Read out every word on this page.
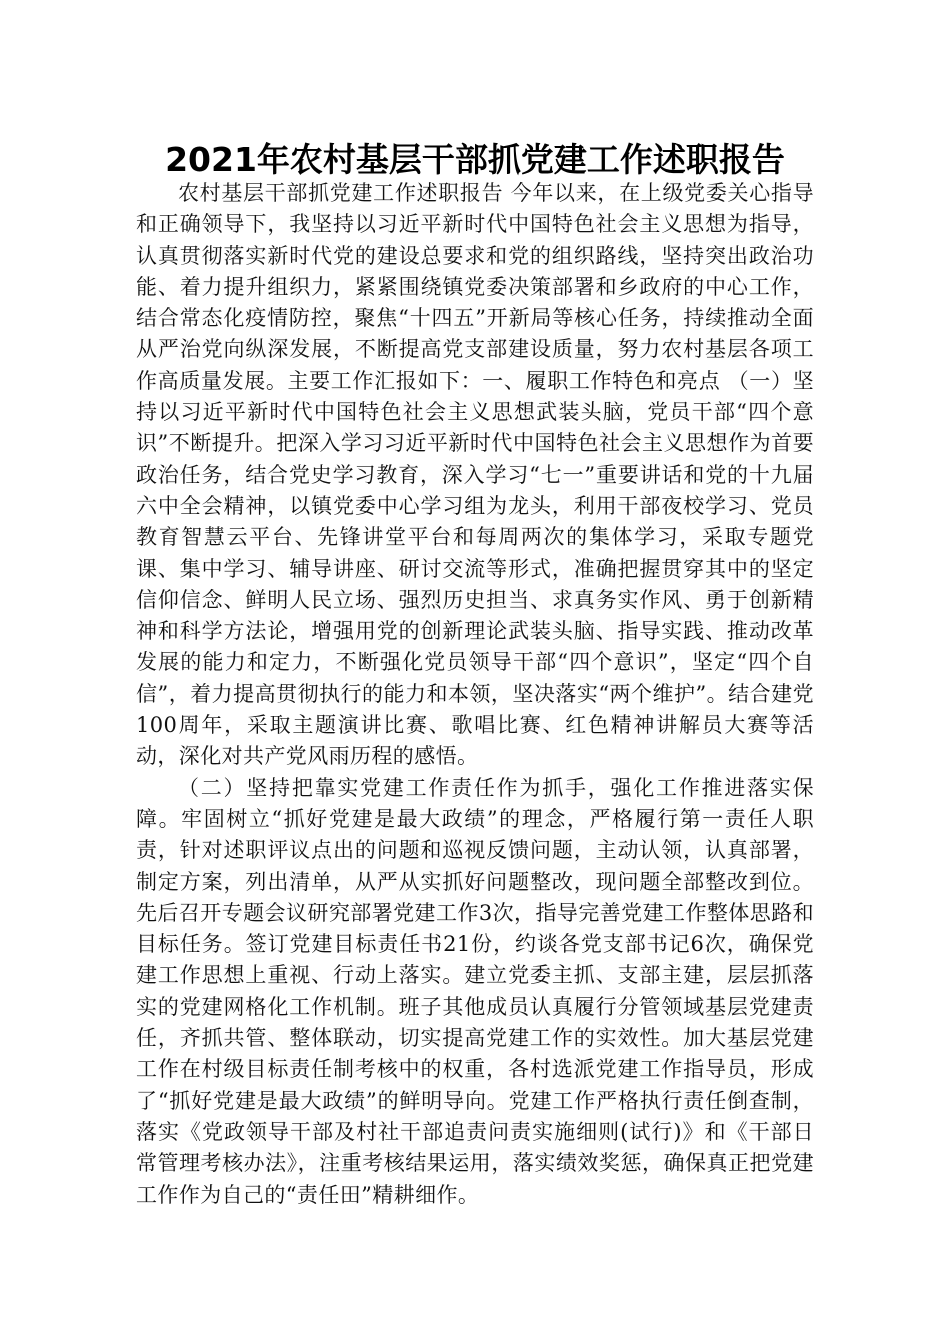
2021年农村基层干部抓党建工作述职报告

农村基层干部抓党建工作述职报告 今年以来，在上级党委关心指导和正确领导下，我坚持以习近平新时代中国特色社会主义思想为指导，认真贯彻落实新时代党的建设总要求和党的组织路线，坚持突出政治功能、着力提升组织力，紧紧围绕镇党委决策部署和乡政府的中心工作，结合常态化疫情防控，聚焦“十四五”开新局等核心任务，持续推动全面从严治党向纵深发展，不断提高党支部建设质量，努力农村基层各项工作高质量发展。主要工作汇报如下：一、履职工作特色和亮点 （一）坚持以习近平新时代中国特色社会主义思想武装头脑，党员干部“四个意识”不断提升。把深入学习习近平新时代中国特色社会主义思想作为首要政治任务，结合党史学习教育，深入学习“七一”重要讲话和党的十九届六中全会精神，以镇党委中心学习组为龙头，利用干部夜校学习、党员教育智慧云平台、先锋讲堂平台和每周两次的集体学习，采取专题党课、集中学习、辅导讲座、研讨交流等形式，准确把握贯穿其中的坚定信仰信念、鲜明人民立场、强烈历史担当、求真务实作风、勇于创新精神和科学方法论，增强用党的创新理论武装头脑、指导实践、推动改革发展的能力和定力，不断强化党员领导干部“四个意识”，坚定“四个自信”，着力提高贯彻执行的能力和本领，坚决落实“两个维护”。结合建党100周年，采取主题演讲比赛、歌唱比赛、红色精神讲解员大赛等活动，深化对共产党风雨历程的感悟。

（二）坚持把靠实党建工作责任作为抓手，强化工作推进落实保障。牢固树立“抓好党建是最大政绩”的理念，严格履行第一责任人职责，针对述职评议点出的问题和巡视反馈问题，主动认领，认真部署，制定方案，列出清单，从严从实抓好问题整改，现问题全部整改到位。先后召开专题会议研究部署党建工作3次，指导完善党建工作整体思路和目标任务。签订党建目标责任书21份，约谈各党支部书记6次，确保党建工作思想上重视、行动上落实。建立党委主抓、支部主建，层层抓落实的党建网格化工作机制。班子其他成员认真履行分管领域基层党建责任，齐抓共管、整体联动，切实提高党建工作的实效性。加大基层党建工作在村级目标责任制考核中的权重，各村选派党建工作指导员，形成了“抓好党建是最大政绩”的鲜明导向。党建工作严格执行责任倒查制，落实《党政领导干部及村社干部追责问责实施细则(试行)》和《干部日常管理考核办法》，注重考核结果运用，落实绩效奖惩，确保真正把党建工作作为自己的“责任田”精耕细作。
